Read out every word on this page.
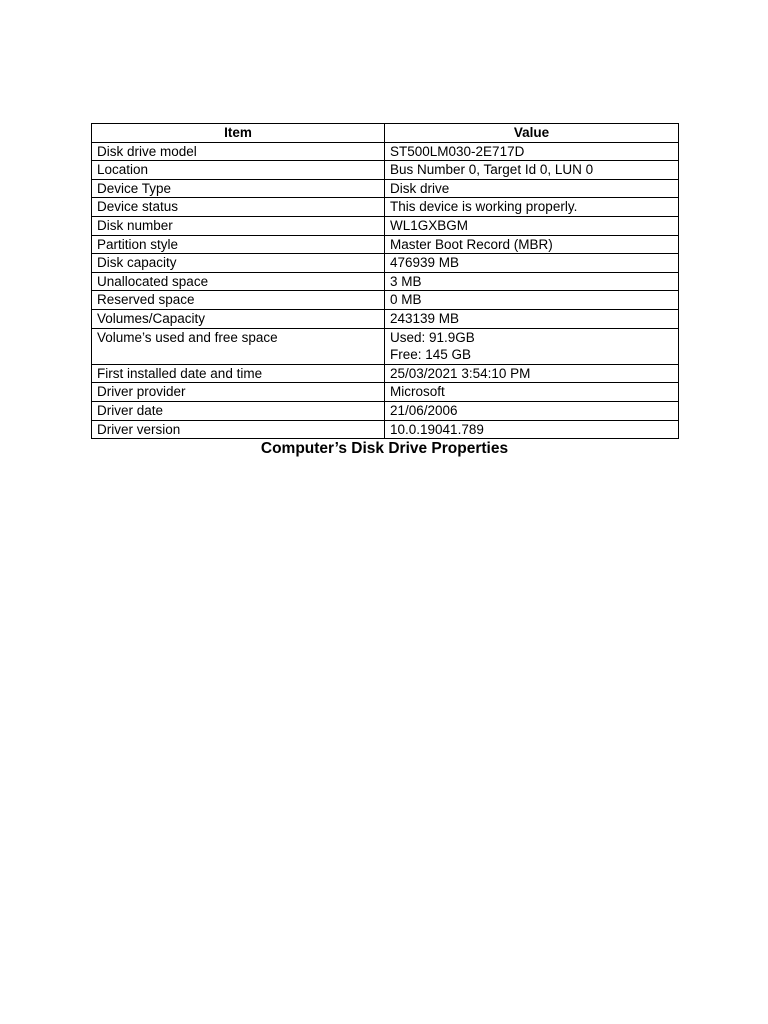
Item	Value
Disk drive model	ST500LM030-2E717D

Location	Bus Number 0, Target Id 0, LUN 0

Device Type	Disk drive

Device status	This device is working properly.

Disk number	WL1GXBGM

Partition style	Master Boot Record (MBR)

Disk capacity	476939 MB

Unallocated space	3 MB

Reserved space	0 MB

Volumes/Capacity	243139 MB

Volume’s used and free space	Used: 91.9GB
Free: 145 GB

First installed date and time	25/03/2021 3:54:10 PM

Driver provider	Microsoft

Driver date	21/06/2006

Driver version	10.0.19041.789
Computer’s Disk Drive Properties
